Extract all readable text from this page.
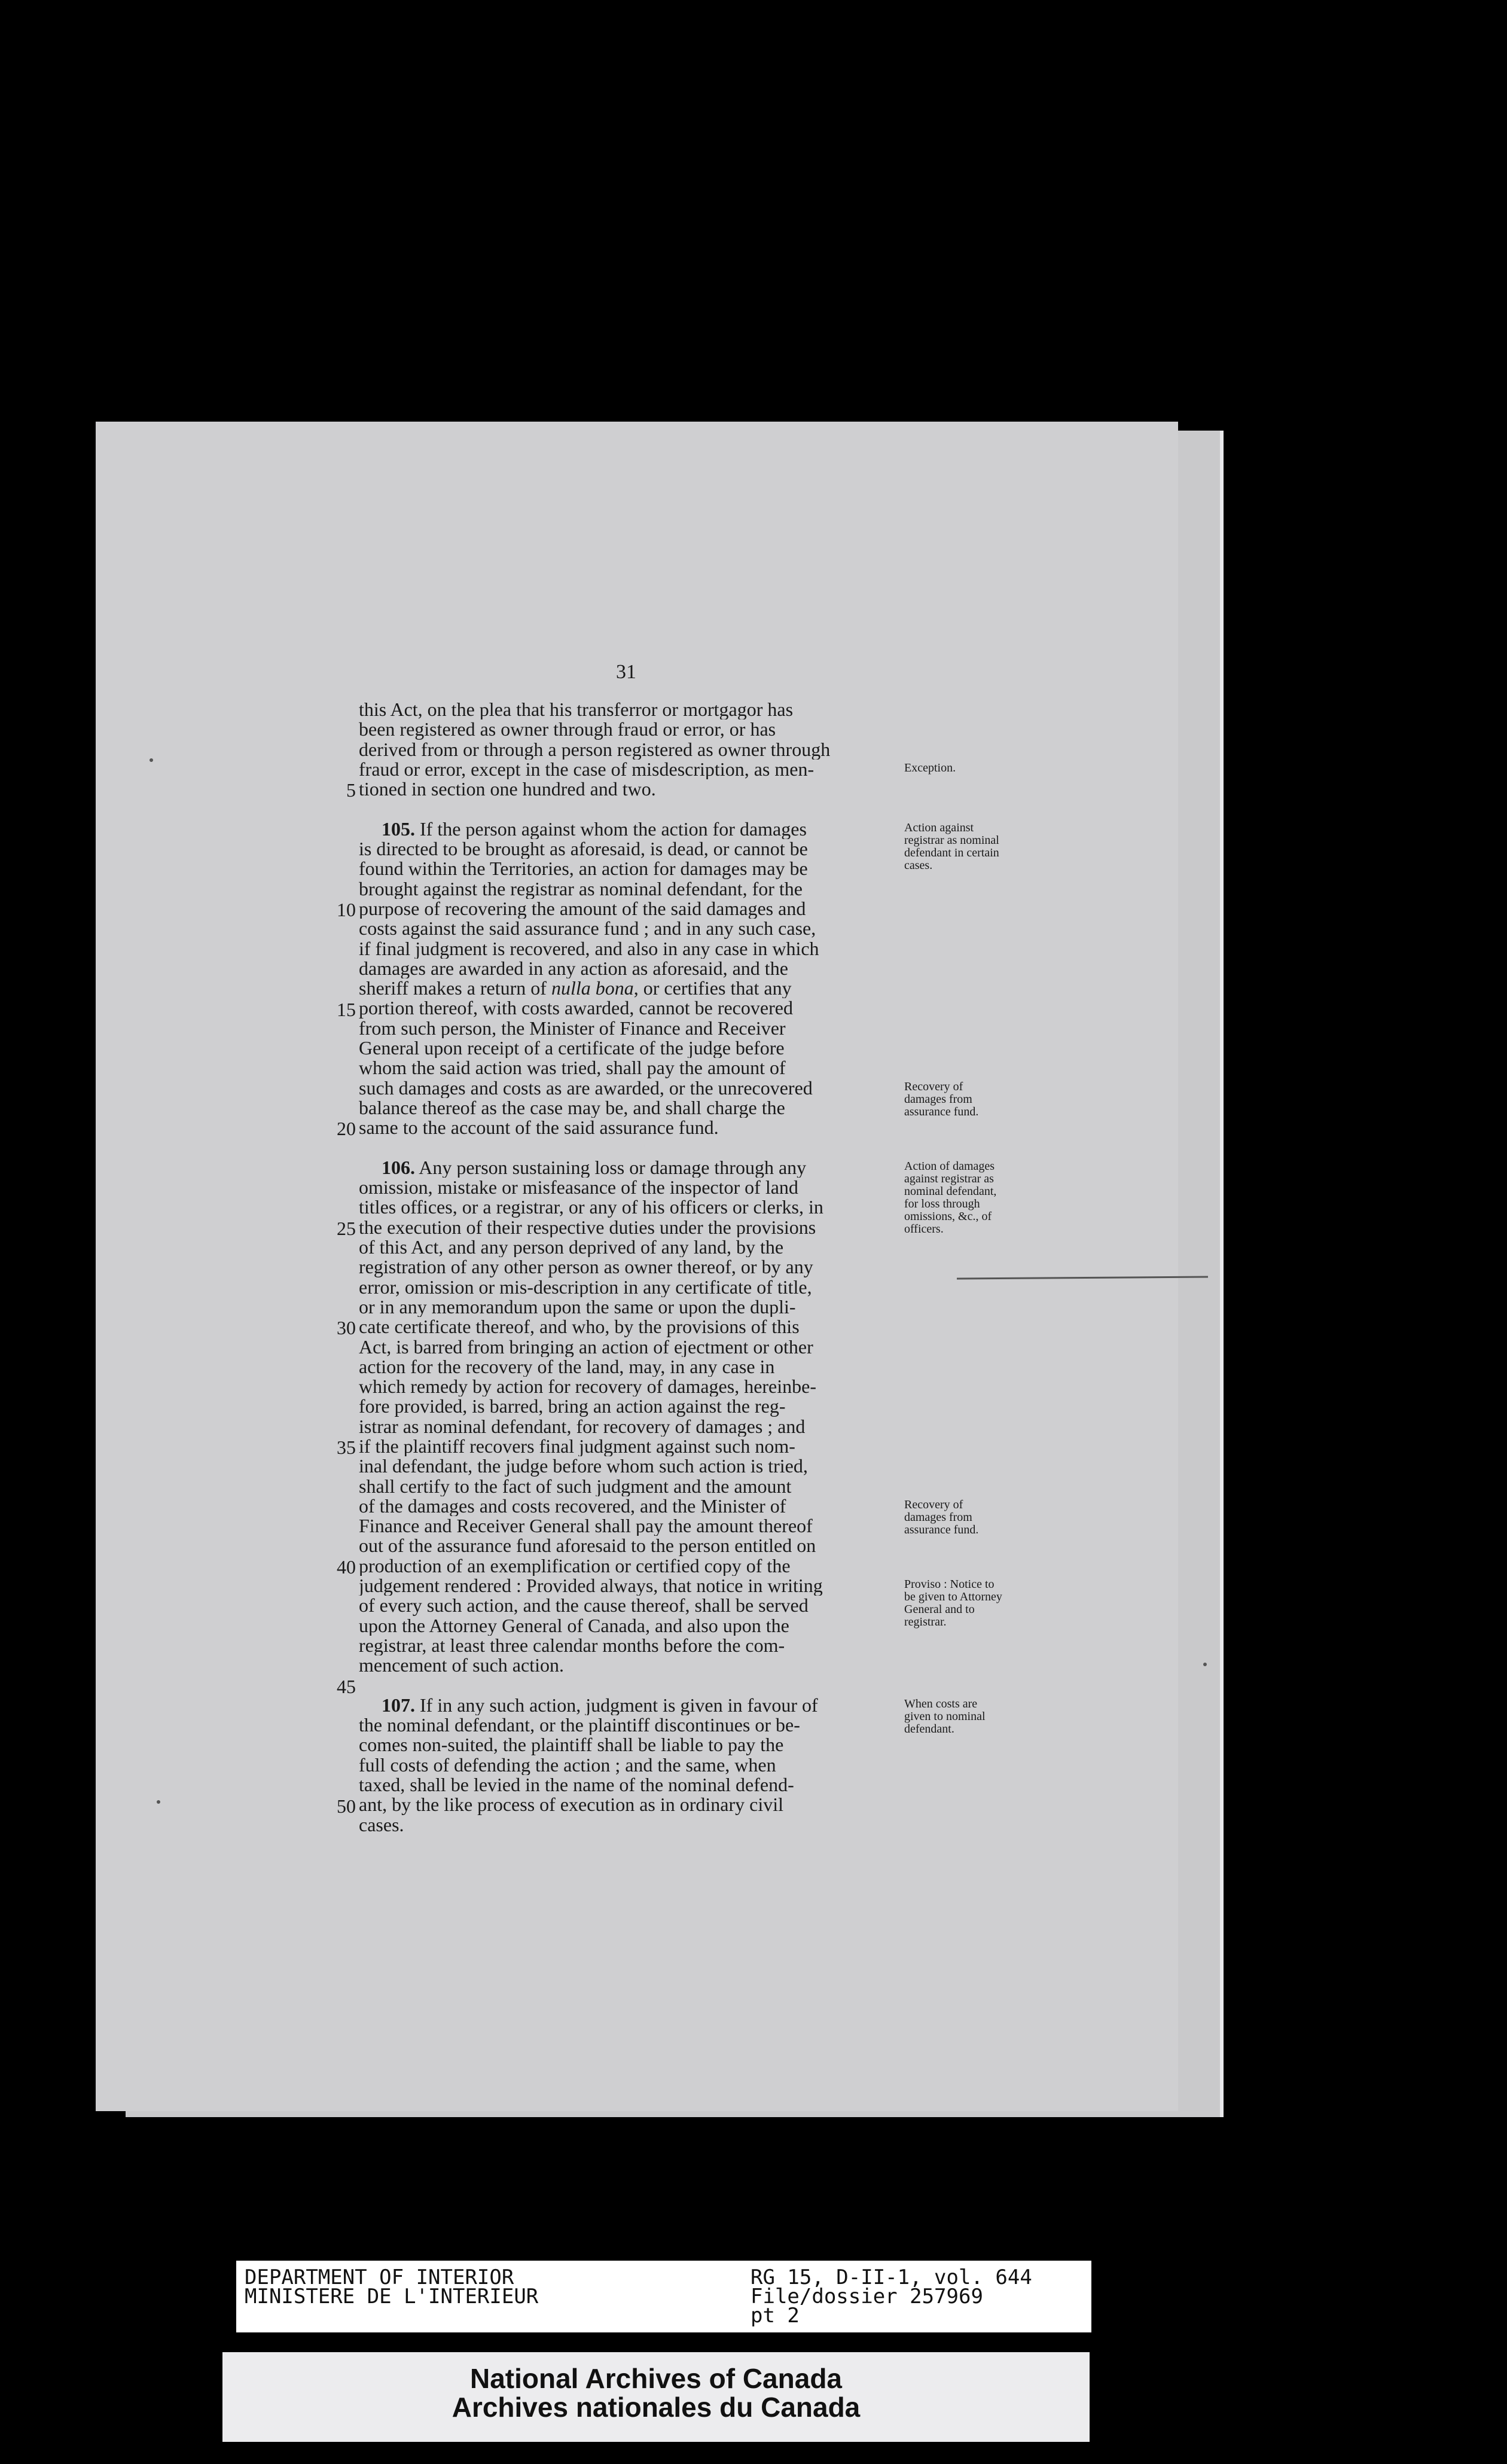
31
5
10
15
20
25
30
35
40
45
50
this Act, on the plea that his transferror or mortgagor has
been registered as owner through fraud or error, or has
derived from or through a person registered as owner through
fraud or error, except in the case of misdescription, as men-
tioned in section one hundred and two.
105. If the person against whom the action for damages
is directed to be brought as aforesaid, is dead, or cannot be
found within the Territories, an action for damages may be
brought against the registrar as nominal defendant, for the
purpose of recovering the amount of the said damages and
costs against the said assurance fund ; and in any such case,
if final judgment is recovered, and also in any case in which
damages are awarded in any action as aforesaid, and the
sheriff makes a return of nulla bona, or certifies that any
portion thereof, with costs awarded, cannot be recovered
from such person, the Minister of Finance and Receiver
General upon receipt of a certificate of the judge before
whom the said action was tried, shall pay the amount of
such damages and costs as are awarded, or the unrecovered
balance thereof as the case may be, and shall charge the
same to the account of the said assurance fund.
106. Any person sustaining loss or damage through any
omission, mistake or misfeasance of the inspector of land
titles offices, or a registrar, or any of his officers or clerks, in
the execution of their respective duties under the provisions
of this Act, and any person deprived of any land, by the
registration of any other person as owner thereof, or by any
error, omission or mis-description in any certificate of title,
or in any memorandum upon the same or upon the dupli-
cate certificate thereof, and who, by the provisions of this
Act, is barred from bringing an action of ejectment or other
action for the recovery of the land, may, in any case in
which remedy by action for recovery of damages, hereinbe-
fore provided, is barred, bring an action against the reg-
istrar as nominal defendant, for recovery of damages ; and
if the plaintiff recovers final judgment against such nom-
inal defendant, the judge before whom such action is tried,
shall certify to the fact of such judgment and the amount
of the damages and costs recovered, and the Minister of
Finance and Receiver General shall pay the amount thereof
out of the assurance fund aforesaid to the person entitled on
production of an exemplification or certified copy of the
judgement rendered : Provided always, that notice in writing
of every such action, and the cause thereof, shall be served
upon the Attorney General of Canada, and also upon the
registrar, at least three calendar months before the com-
mencement of such action.
107. If in any such action, judgment is given in favour of
the nominal defendant, or the plaintiff discontinues or be-
comes non-suited, the plaintiff shall be liable to pay the
full costs of defending the action ; and the same, when
taxed, shall be levied in the name of the nominal defend-
ant, by the like process of execution as in ordinary civil
cases.
Exception.
Action against registrar as nominal defendant in certain cases.
Recovery of damages from assurance fund.
Action of damages against registrar as nominal defendant, for loss through omissions, &c., of officers.
Recovery of damages from assurance fund.
Proviso : Notice to be given to Attorney General and to registrar.
When costs are given to nominal defendant.
DEPARTMENT OF INTERIOR
MINISTERE DE L'INTERIEUR
RG 15, D-II-1, vol. 644
File/dossier 257969
pt 2
National Archives of Canada
Archives nationales du Canada
